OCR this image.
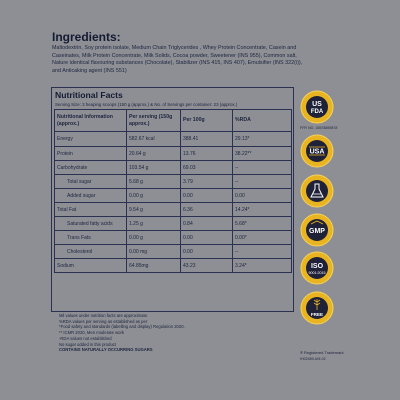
Ingredients:
Maltodextrin, Soy protein isolate, Medium Chain Triglycerides , Whey Protein Concentrate, Casein and Caseinates, Milk Protein Concentrate, Milk Solids, Cocoa powder, Sweetener (INS 955), Common salt, Nature identical flavouring substances (Chocolate), Stabilizer (INS 415, INS 407), Emulsifier (INS 322(i)), and Anticaking agent (INS 551)
Nutritional Facts
Serving Size: 3 heaping scoops (150 g (approx.) & No. of Servings per container: 23 (approx.)
Nutritional Information (approx.)	Per serving (150g approx.)	Per 100g	%RDA
Energy	582.67 kcal	388.41	29.13*
Protein	20.64 g	13.76	38.22**
Carbohydrate	103.54 g	69.03	--
Total sugar	5.68 g	3.79	--
Added sugar	0.00 g	0.00	0.00
Total Fat	9.54 g	6.36	14.24*
Saturated fatty acids	1.25 g	0.84	5.68*
Trans Fats	0.00 g	0.00	0.00*
Cholesterol	0.00 mg	0.00	--
Sodium	64.85mg	43.23	3.24*
Mil values under nutrition facts are approximate.
%RDA values per serving as established as per
*Food safety and standards (labelling and display) Regulation 2020.
** ICMR 2020, Men moderate work
-RDA values not established
No sugar added in this product
CONTAINS NATURALLY OCCURRING SUGARS
US
FDA
FFR NO. 15578859878
USA
GMP
ISO
9001:2015
FREE
® Registered Trademark
IH02489-UM-02
